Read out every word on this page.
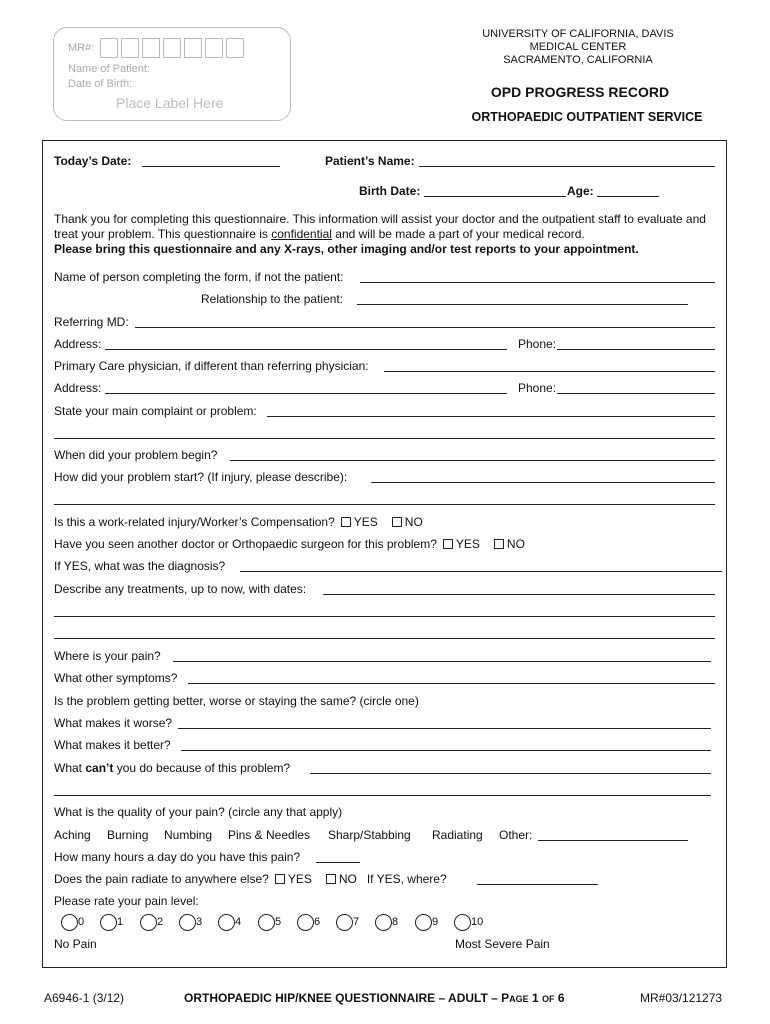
MR#:
Name of Patient:
Date of Birth:
Place Label Here
UNIVERSITY OF CALIFORNIA, DAVIS
MEDICAL CENTER
SACRAMENTO, CALIFORNIA
OPD PROGRESS RECORD
ORTHOPAEDIC OUTPATIENT SERVICE
Today’s Date:	Patient’s Name:
Birth Date:	Age:
Thank you for completing this questionnaire. This information will assist your doctor and the outpatient staff to evaluate and treat your problem. This questionnaire is confidential and will be made a part of your medical record.
Please bring this questionnaire and any X-rays, other imaging and/or test reports to your appointment.
Name of person completing the form, if not the patient:
Relationship to the patient:
Referring MD:
Address:	Phone:
Primary Care physician, if different than referring physician:
Address:	Phone:
State your main complaint or problem:
When did your problem begin?
How did your problem start? (If injury, please describe):
Is this a work-related injury/Worker’s Compensation? YES NO
Have you seen another doctor or Orthopaedic surgeon for this problem? YES NO
If YES, what was the diagnosis?
Describe any treatments, up to now, with dates:
Where is your pain?
What other symptoms?
Is the problem getting better, worse or staying the same? (circle one)
What makes it worse?
What makes it better?
What can’t you do because of this problem?
What is the quality of your pain? (circle any that apply)
Aching Burning Numbing Pins & Needles Sharp/Stabbing Radiating Other:
How many hours a day do you have this pain?
Does the pain radiate to anywhere else? YES NO If YES, where?
Please rate your pain level:
0	1	2	3	4	5	6	7	8	9	10
No Pain	Most Severe Pain
A6946-1 (3/12)	ORTHOPAEDIC HIP/KNEE QUESTIONNAIRE – ADULT – PAGE 1 OF 6	MR#03/121273
